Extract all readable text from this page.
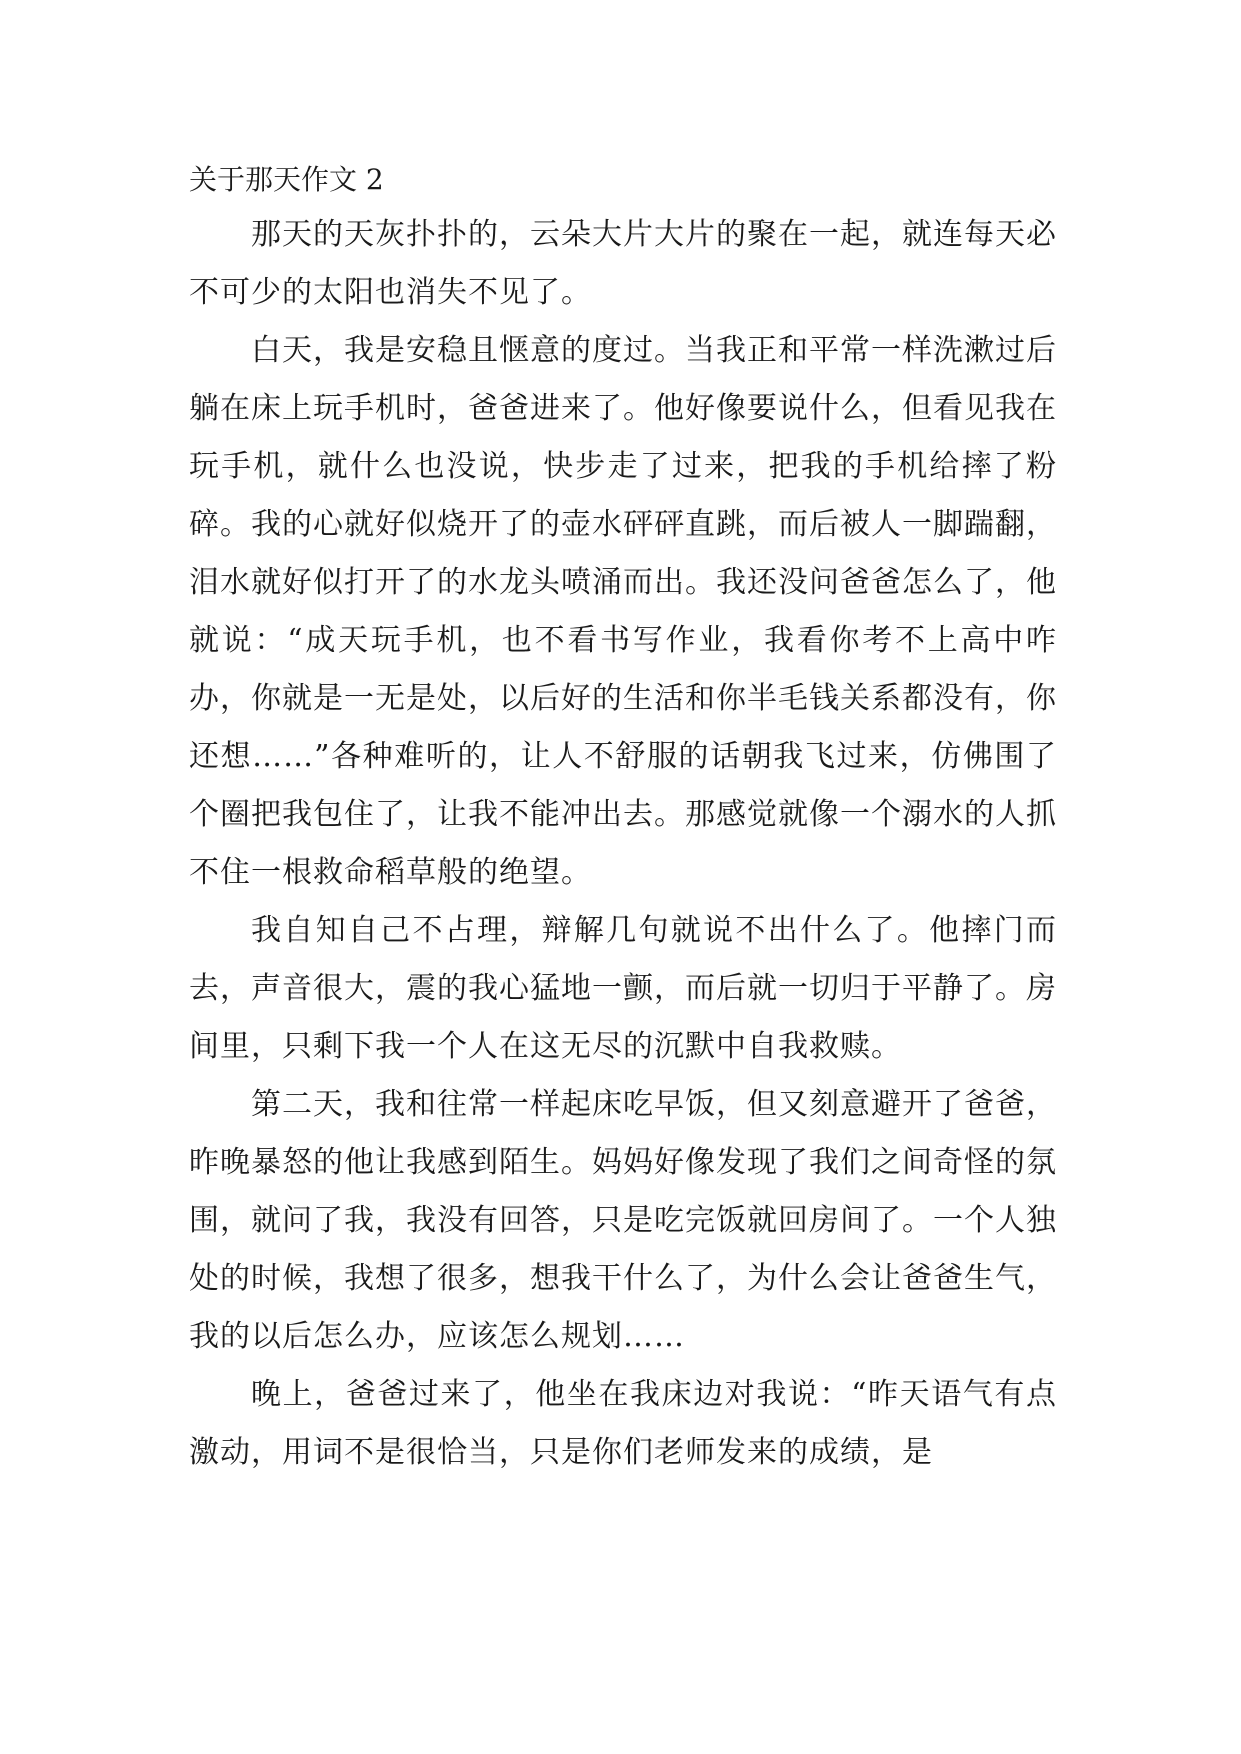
关于那天作文 2

那天的天灰扑扑的，云朵大片大片的聚在一起，就连每天必不可少的太阳也消失不见了。

白天，我是安稳且惬意的度过。当我正和平常一样洗漱过后躺在床上玩手机时，爸爸进来了。他好像要说什么，但看见我在玩手机，就什么也没说，快步走了过来，把我的手机给摔了粉碎。我的心就好似烧开了的壶水砰砰直跳，而后被人一脚踹翻，泪水就好似打开了的水龙头喷涌而出。我还没问爸爸怎么了，他就说：“成天玩手机，也不看书写作业，我看你考不上高中咋办，你就是一无是处，以后好的生活和你半毛钱关系都没有，你还想……”各种难听的，让人不舒服的话朝我飞过来，仿佛围了个圈把我包住了，让我不能冲出去。那感觉就像一个溺水的人抓不住一根救命稻草般的绝望。

我自知自己不占理，辩解几句就说不出什么了。他摔门而去，声音很大，震的我心猛地一颤，而后就一切归于平静了。房间里，只剩下我一个人在这无尽的沉默中自我救赎。

第二天，我和往常一样起床吃早饭，但又刻意避开了爸爸，昨晚暴怒的他让我感到陌生。妈妈好像发现了我们之间奇怪的氛围，就问了我，我没有回答，只是吃完饭就回房间了。一个人独处的时候，我想了很多，想我干什么了，为什么会让爸爸生气，我的以后怎么办，应该怎么规划……

晚上，爸爸过来了，他坐在我床边对我说：“昨天语气有点激动，用词不是很恰当，只是你们老师发来的成绩，是
